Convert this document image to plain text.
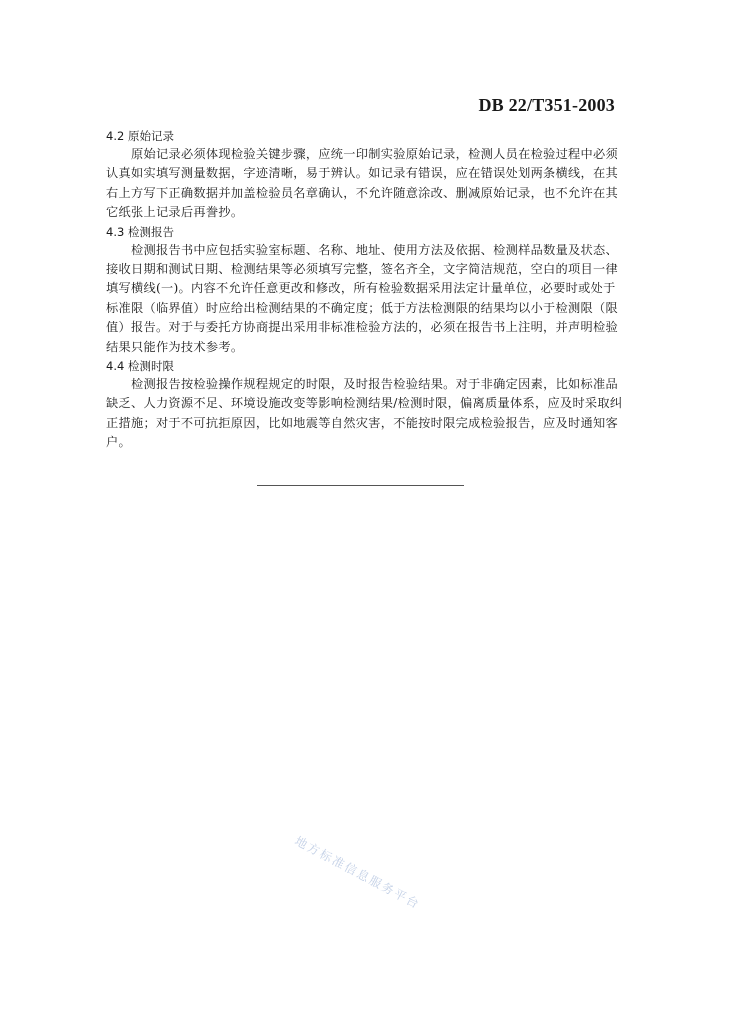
DB 22/T351-2003
4.2 原始记录

原始记录必须体现检验关键步骤，应统一印制实验原始记录，检测人员在检验过程中必须认真如实填写测量数据，字迹清晰，易于辨认。如记录有错误，应在错误处划两条横线，在其右上方写下正确数据并加盖检验员名章确认，不允许随意涂改、删减原始记录，也不允许在其它纸张上记录后再誊抄。

4.3 检测报告

检测报告书中应包括实验室标题、名称、地址、使用方法及依据、检测样品数量及状态、接收日期和测试日期、检测结果等必须填写完整，签名齐全，文字简洁规范，空白的项目一律填写横线(一)。内容不允许任意更改和修改，所有检验数据采用法定计量单位，必要时或处于标准限（临界值）时应给出检测结果的不确定度；低于方法检测限的结果均以小于检测限（限值）报告。对于与委托方协商提出采用非标准检验方法的，必须在报告书上注明，并声明检验结果只能作为技术参考。

4.4 检测时限

检测报告按检验操作规程规定的时限，及时报告检验结果。对于非确定因素，比如标准品缺乏、人力资源不足、环境设施改变等影响检测结果/检测时限，偏离质量体系，应及时采取纠正措施；对于不可抗拒原因，比如地震等自然灾害，不能按时限完成检验报告，应及时通知客户。

地方标准信息服务平台
